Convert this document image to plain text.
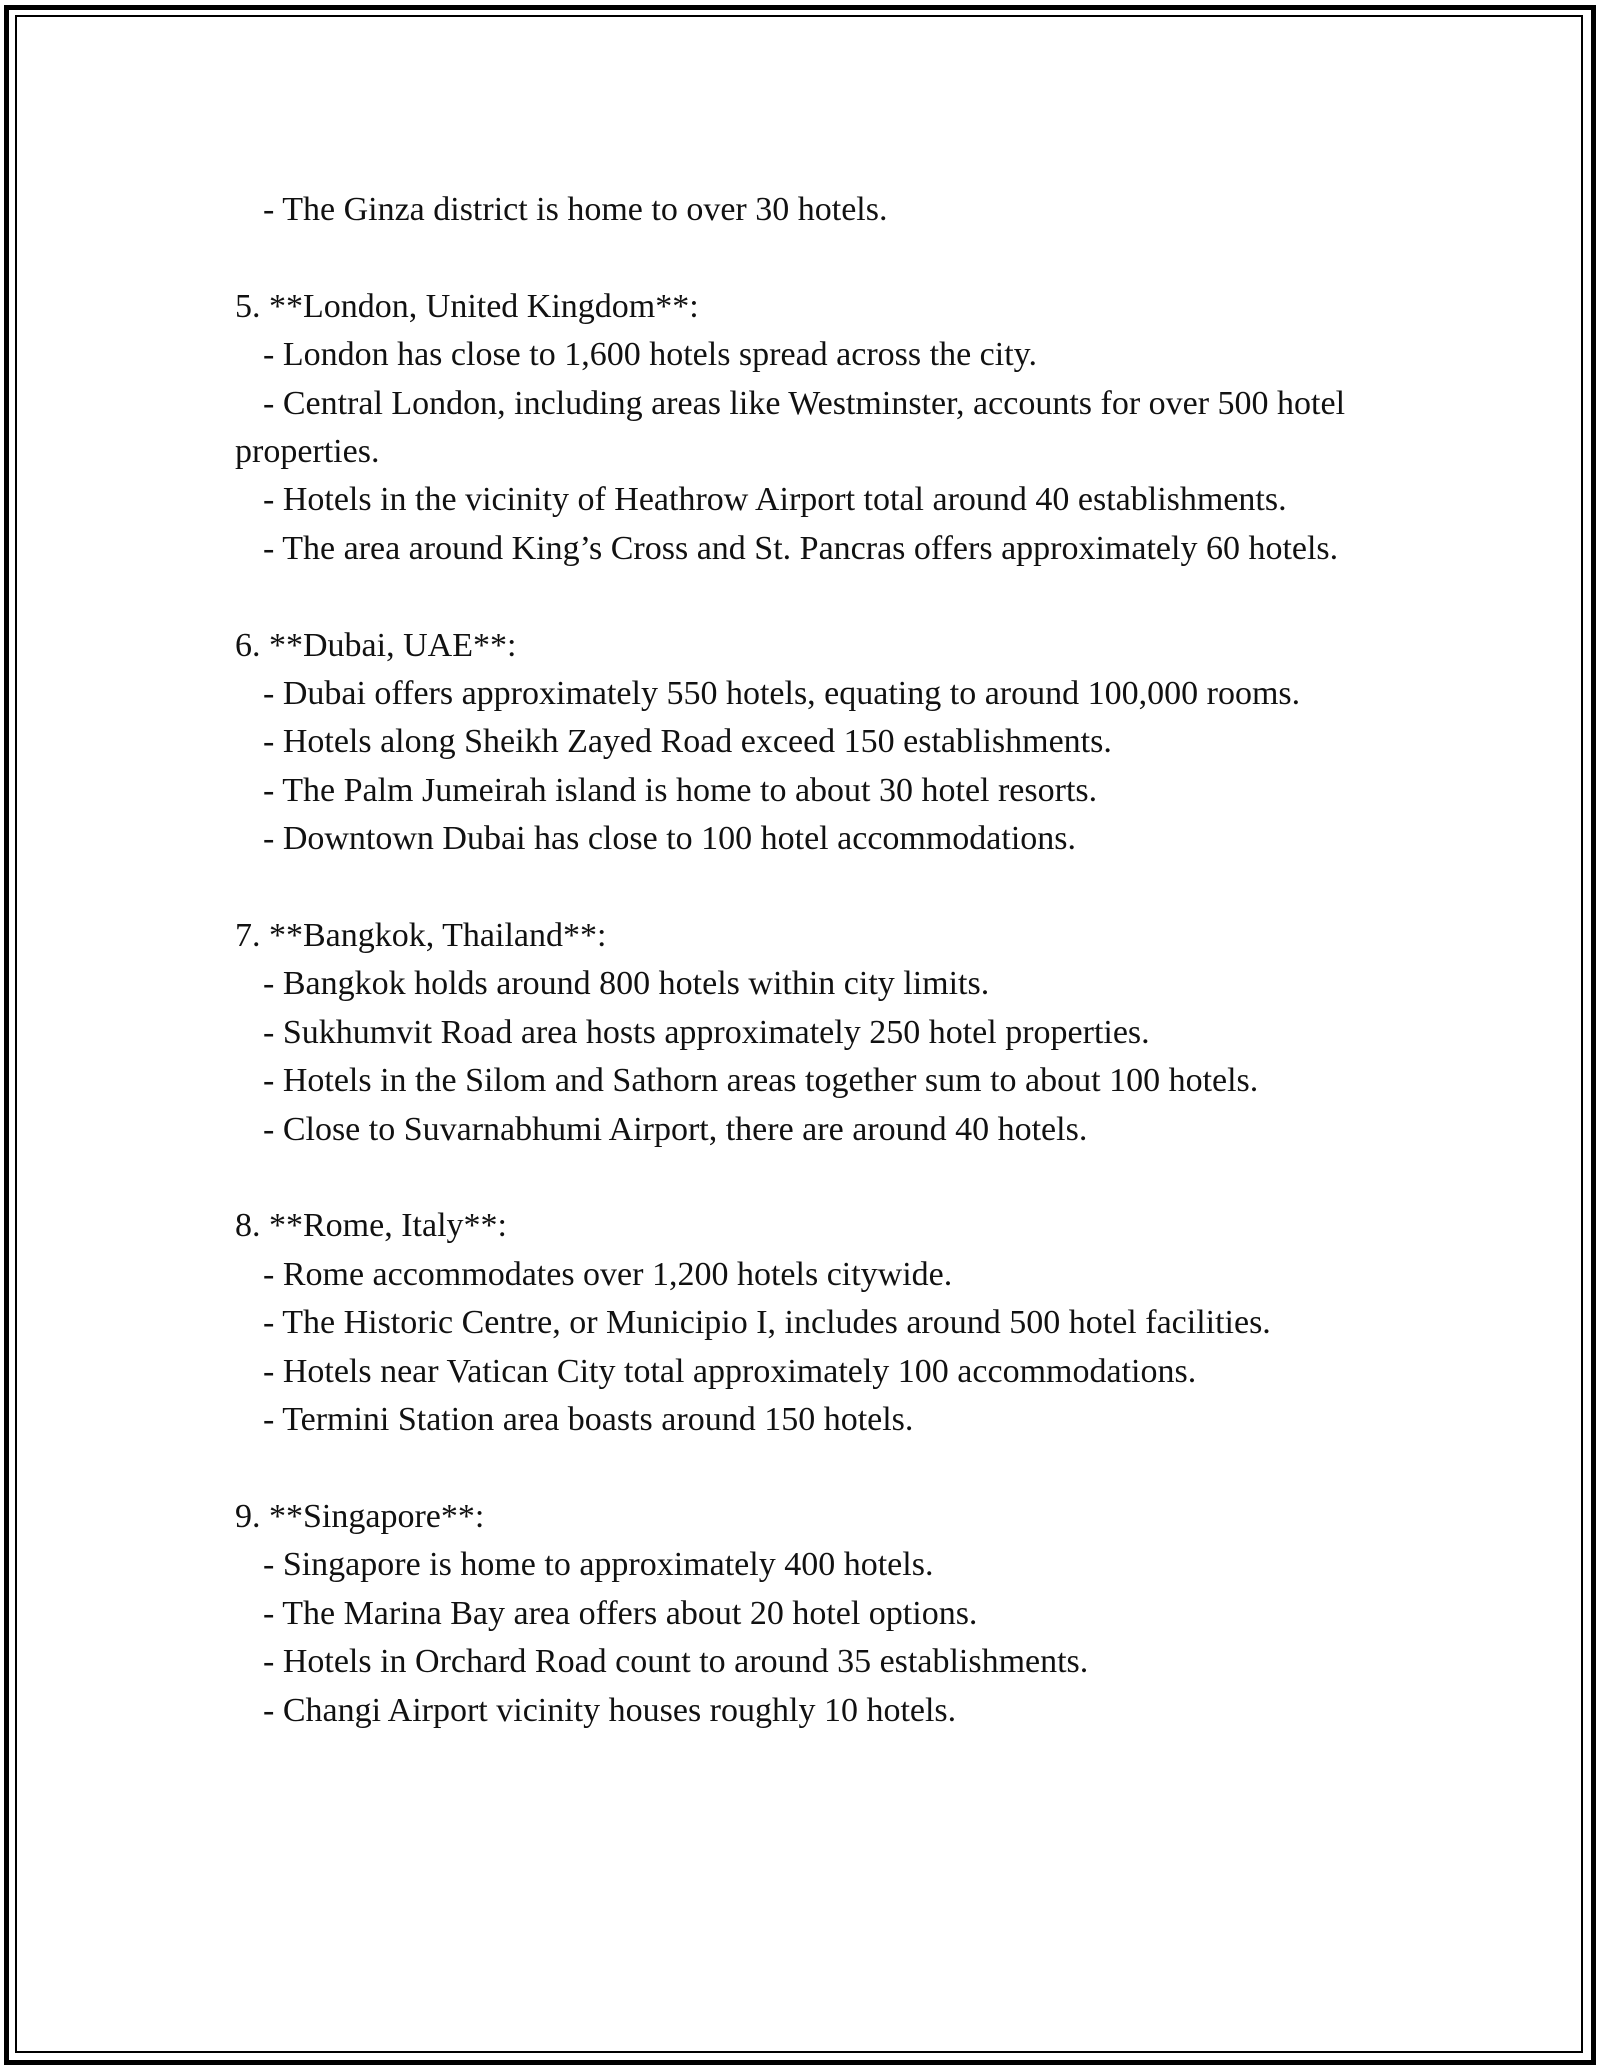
- The Ginza district is home to over 30 hotels.
5. **London, United Kingdom**:
- London has close to 1,600 hotels spread across the city.
- Central London, including areas like Westminster, accounts for over 500 hotel properties.
- Hotels in the vicinity of Heathrow Airport total around 40 establishments.
- The area around King’s Cross and St. Pancras offers approximately 60 hotels.
6. **Dubai, UAE**:
- Dubai offers approximately 550 hotels, equating to around 100,000 rooms.
- Hotels along Sheikh Zayed Road exceed 150 establishments.
- The Palm Jumeirah island is home to about 30 hotel resorts.
- Downtown Dubai has close to 100 hotel accommodations.
7. **Bangkok, Thailand**:
- Bangkok holds around 800 hotels within city limits.
- Sukhumvit Road area hosts approximately 250 hotel properties.
- Hotels in the Silom and Sathorn areas together sum to about 100 hotels.
- Close to Suvarnabhumi Airport, there are around 40 hotels.
8. **Rome, Italy**:
- Rome accommodates over 1,200 hotels citywide.
- The Historic Centre, or Municipio I, includes around 500 hotel facilities.
- Hotels near Vatican City total approximately 100 accommodations.
- Termini Station area boasts around 150 hotels.
9. **Singapore**:
- Singapore is home to approximately 400 hotels.
- The Marina Bay area offers about 20 hotel options.
- Hotels in Orchard Road count to around 35 establishments.
- Changi Airport vicinity houses roughly 10 hotels.
